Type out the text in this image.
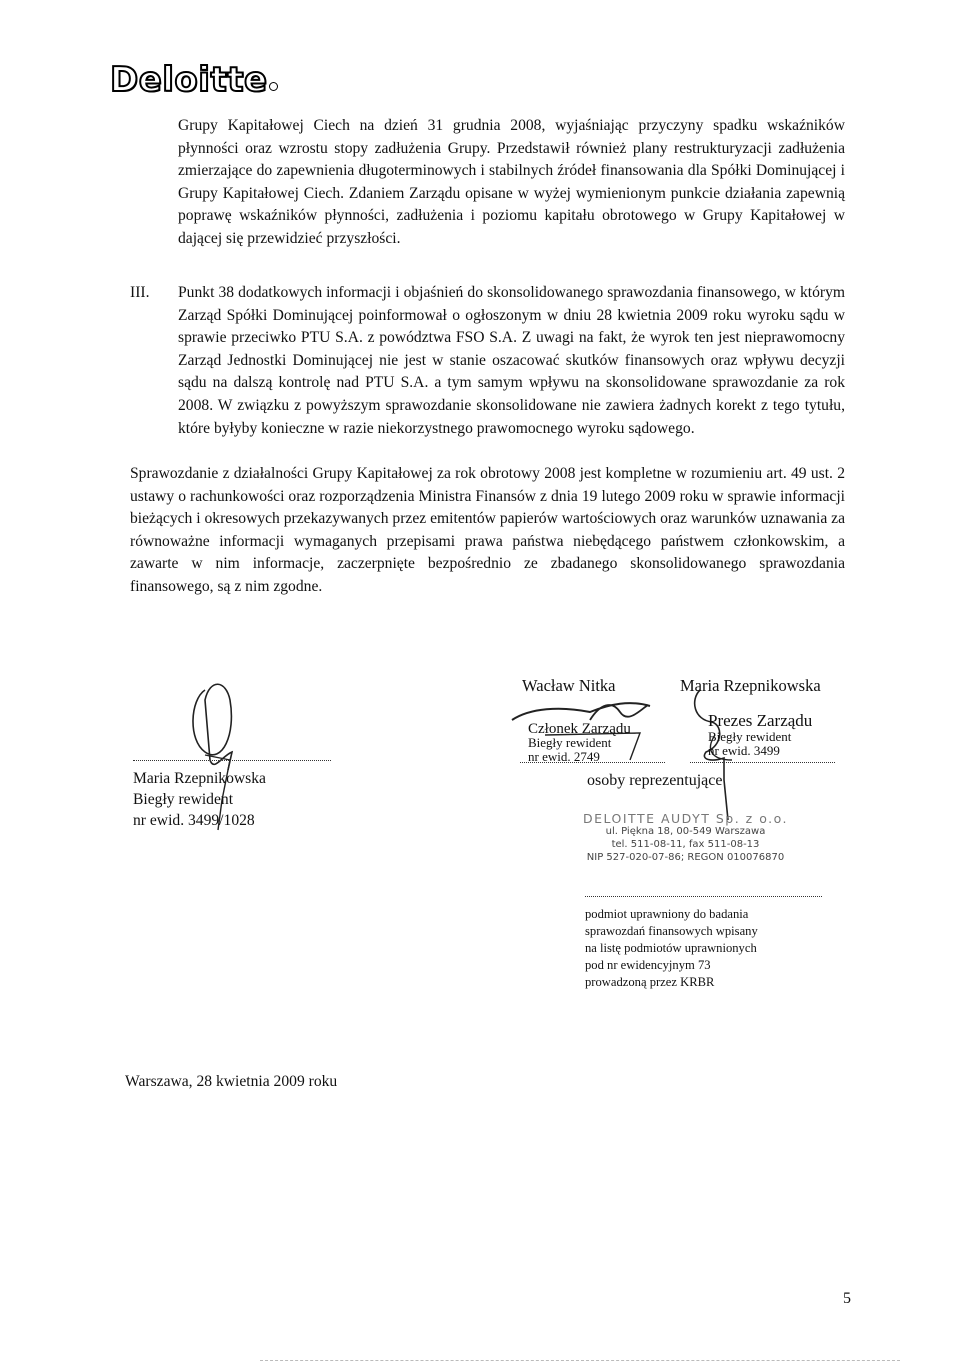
Deloitte

Grupy Kapitałowej Ciech na dzień 31 grudnia 2008, wyjaśniając przyczyny spadku wskaźników płynności oraz wzrostu stopy zadłużenia Grupy. Przedstawił również plany restrukturyzacji zadłużenia zmierzające do zapewnienia długoterminowych i stabilnych źródeł finansowania dla Spółki Dominującej i Grupy Kapitałowej Ciech. Zdaniem Zarządu opisane w wyżej wymienionym punkcie działania zapewnią poprawę wskaźników płynności, zadłużenia i poziomu kapitału obrotowego w Grupy Kapitałowej w dającej się przewidzieć przyszłości.

III. Punkt 38 dodatkowych informacji i objaśnień do skonsolidowanego sprawozdania finansowego, w którym Zarząd Spółki Dominującej poinformował o ogłoszonym w dniu 28 kwietnia 2009 roku wyroku sądu w sprawie przeciwko PTU S.A. z powództwa FSO S.A. Z uwagi na fakt, że wyrok ten jest nieprawomocny Zarząd Jednostki Dominującej nie jest w stanie oszacować skutków finansowych oraz wpływu decyzji sądu na dalszą kontrolę nad PTU S.A. a tym samym wpływu na skonsolidowane sprawozdanie za rok 2008. W związku z powyższym sprawozdanie skonsolidowane nie zawiera żadnych korekt z tego tytułu, które byłyby konieczne w razie niekorzystnego prawomocnego wyroku sądowego.

Sprawozdanie z działalności Grupy Kapitałowej za rok obrotowy 2008 jest kompletne w rozumieniu art. 49 ust. 2 ustawy o rachunkowości oraz rozporządzenia Ministra Finansów z dnia 19 lutego 2009 roku w sprawie informacji bieżących i okresowych przekazywanych przez emitentów papierów wartościowych oraz warunków uznawania za równoważne informacji wymaganych przepisami prawa państwa niebędącego państwem członkowskim, a zawarte w nim informacje, zaczerpnięte bezpośrednio ze zbadanego skonsolidowanego sprawozdania finansowego, są z nim zgodne.

Maria Rzepnikowska
Biegły rewident
nr ewid. 3499/1028
Wacław Nitka	Maria Rzepnikowska
Członek Zarządu
Biegły rewident
nr ewid. 2749
Prezes Zarządu
Biegły rewident
nr ewid. 3499
osoby reprezentujące
DELOITTE AUDYT Sp. z o.o.
ul. Piękna 18, 00-549 Warszawa
tel. 511-08-11, fax 511-08-13
NIP 527-020-07-86; REGON 010076870
podmiot uprawniony do badania
sprawozdań finansowych wpisany
na listę podmiotów uprawnionych
pod nr ewidencyjnym 73
prowadzoną przez KRBR
Warszawa, 28 kwietnia 2009 roku
5
